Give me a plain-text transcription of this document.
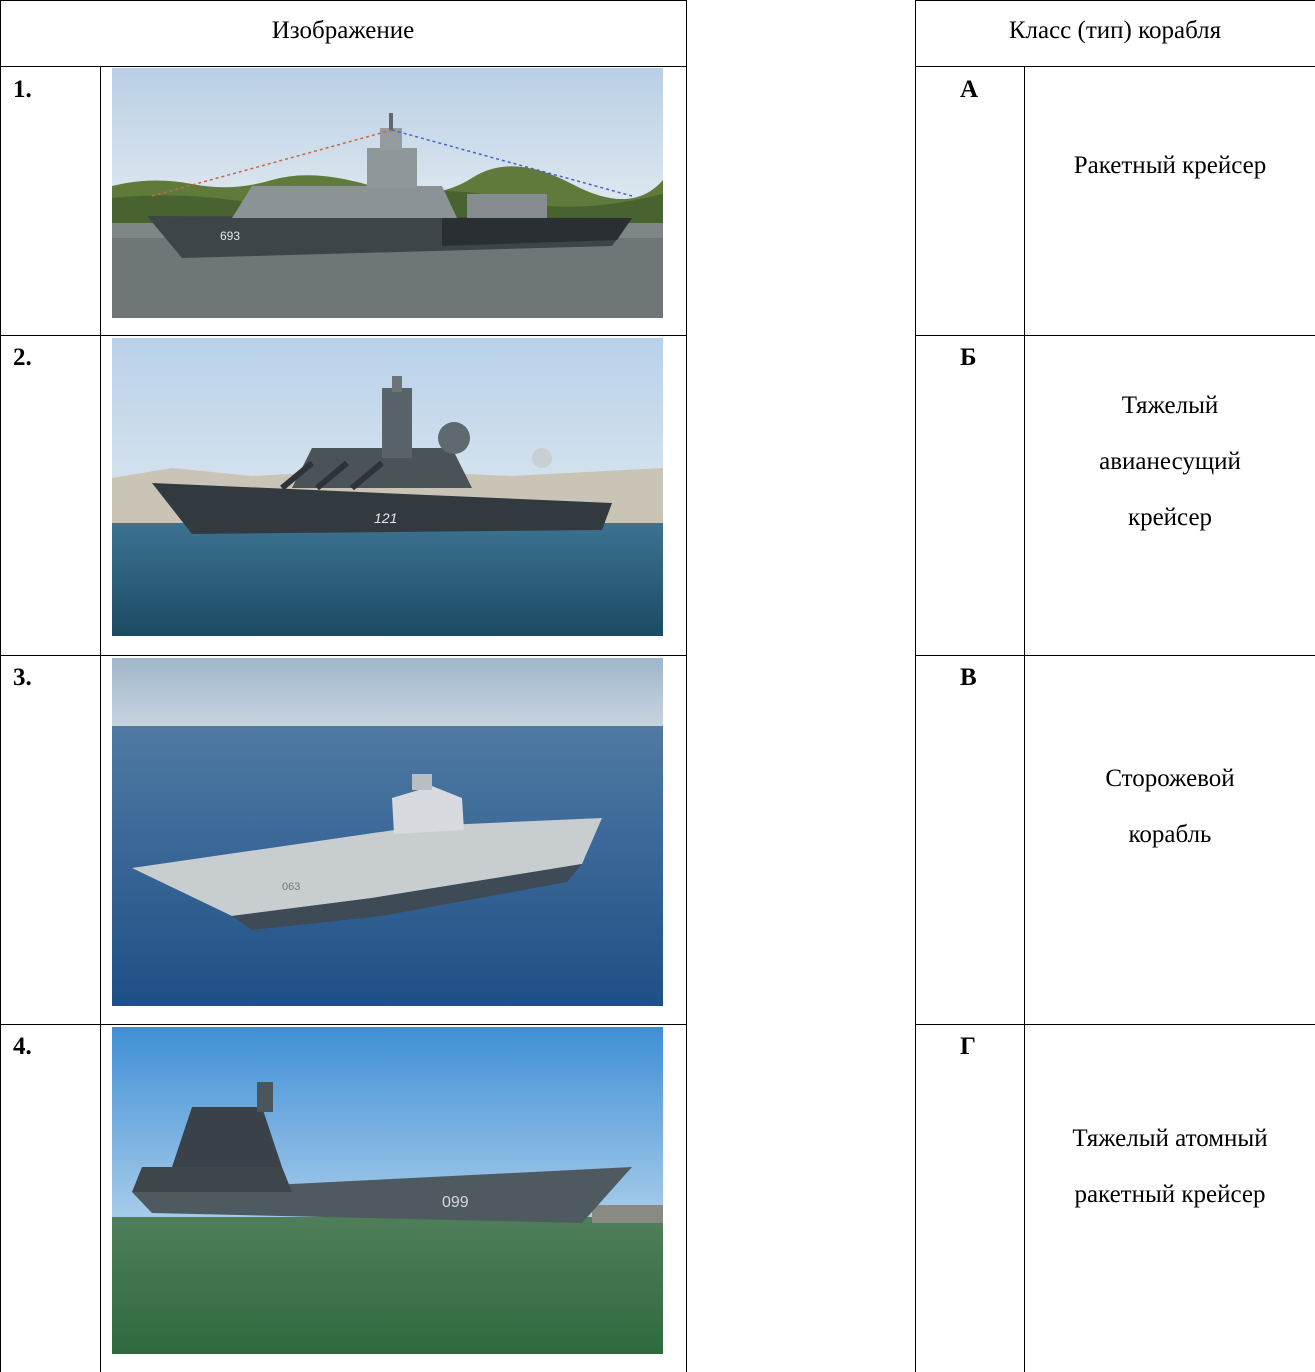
Изображение	Класс (тип) корабля
1.
2.
3.
4.
А
Б
В
Г
Ракетный крейсер
Тяжелый
авианесущий
крейсер
Сторожевой
корабль
Тяжелый атомный
ракетный крейсер
693
121
063
099
